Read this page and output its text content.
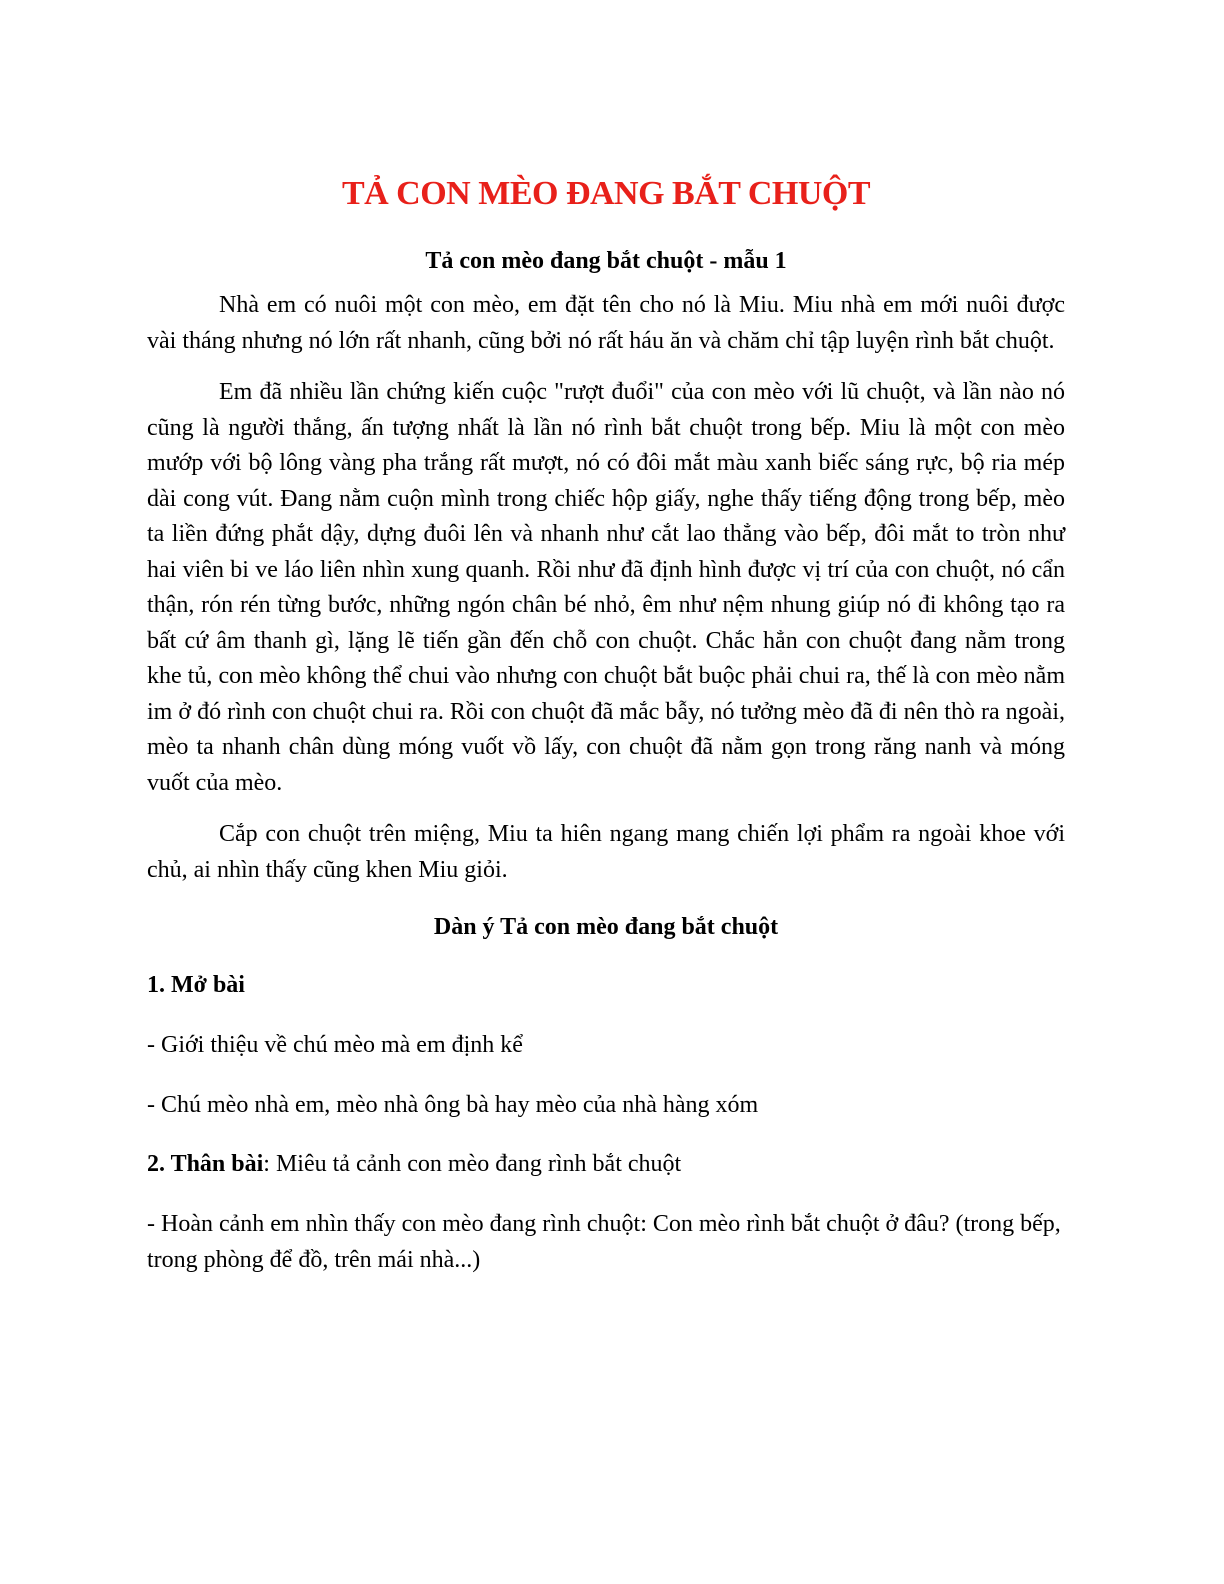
TẢ CON MÈO ĐANG BẮT CHUỘT
Tả con mèo đang bắt chuột - mẫu 1

Nhà em có nuôi một con mèo, em đặt tên cho nó là Miu. Miu nhà em mới nuôi được vài tháng nhưng nó lớn rất nhanh, cũng bởi nó rất háu ăn và chăm chỉ tập luyện rình bắt chuột.

Em đã nhiều lần chứng kiến cuộc "rượt đuổi" của con mèo với lũ chuột, và lần nào nó cũng là người thắng, ấn tượng nhất là lần nó rình bắt chuột trong bếp. Miu là một con mèo mướp với bộ lông vàng pha trắng rất mượt, nó có đôi mắt màu xanh biếc sáng rực, bộ ria mép dài cong vút. Đang nằm cuộn mình trong chiếc hộp giấy, nghe thấy tiếng động trong bếp, mèo ta liền đứng phắt dậy, dựng đuôi lên và nhanh như cắt lao thẳng vào bếp, đôi mắt to tròn như hai viên bi ve láo liên nhìn xung quanh. Rồi như đã định hình được vị trí của con chuột, nó cẩn thận, rón rén từng bước, những ngón chân bé nhỏ, êm như nệm nhung giúp nó đi không tạo ra bất cứ âm thanh gì, lặng lẽ tiến gần đến chỗ con chuột. Chắc hẳn con chuột đang nằm trong khe tủ, con mèo không thể chui vào nhưng con chuột bắt buộc phải chui ra, thế là con mèo nằm im ở đó rình con chuột chui ra. Rồi con chuột đã mắc bẫy, nó tưởng mèo đã đi nên thò ra ngoài, mèo ta nhanh chân dùng móng vuốt vồ lấy, con chuột đã nằm gọn trong răng nanh và móng vuốt của mèo.

Cắp con chuột trên miệng, Miu ta hiên ngang mang chiến lợi phẩm ra ngoài khoe với chủ, ai nhìn thấy cũng khen Miu giỏi.

Dàn ý Tả con mèo đang bắt chuột
1. Mở bài
- Giới thiệu về chú mèo mà em định kể
- Chú mèo nhà em, mèo nhà ông bà hay mèo của nhà hàng xóm
2. Thân bài: Miêu tả cảnh con mèo đang rình bắt chuột
- Hoàn cảnh em nhìn thấy con mèo đang rình chuột: Con mèo rình bắt chuột ở đâu? (trong bếp, trong phòng để đồ, trên mái nhà...)
